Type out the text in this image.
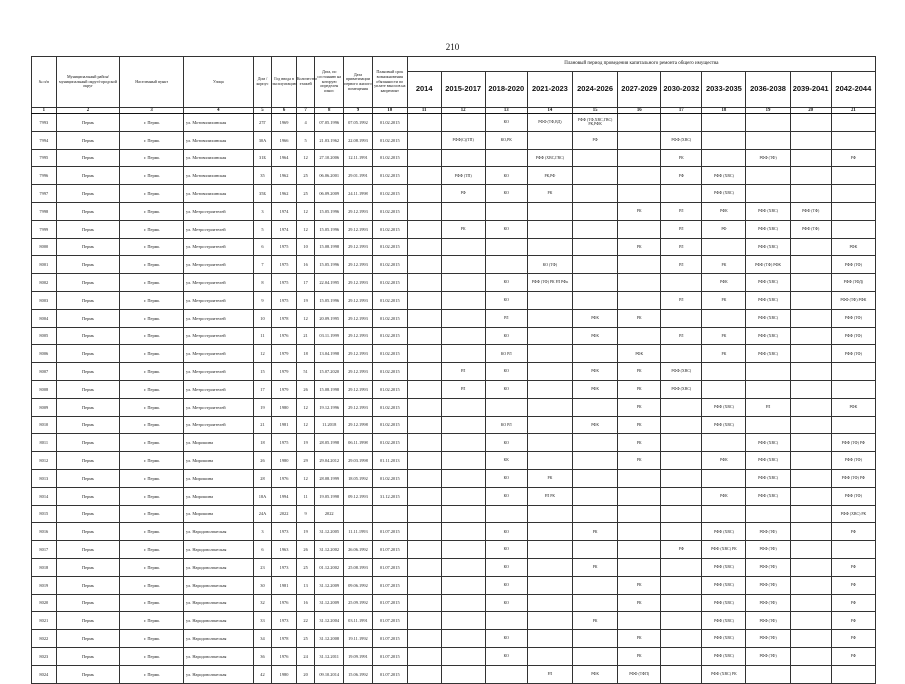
210
№ п/п	Муниципальный район/муниципальный округ/городской округ	Населенный пункт	Улица	Дом / корпус	Год ввода в эксплуатацию	Количество этажей	Дата, по состоянию на которую определен износ	Дата приватизации первого жилого помещения	Плановый срок возникновения обязанности по уплате взносов на капремонт	Плановый период проведения капитального ремонта общего имущества										
										2014	2015-2017	2018-2020	2021-2023	2024-2026	2027-2029	2030-2032	2033-2035	2036-2038	2039-2041	2042-2044
1	2	3	4	5	6	7	8	9	10	11	12	13	14	15	16	17	18	19	20	21
7993	Пермь	г. Пермь	ул. Мотовилихинская	27Г	1969	4	07.05.1996	07.05.1992	01.02.2015			КО	РФФ (ТФ,ВД)	РФФ (ТФ,ХВС,ГВС) РК,РФК						
7994	Пермь	г. Пермь	ул. Мотовилихинская	30А	1966	5	21.03.1962	22.08.1993	01.02.2015		РФФ(С)(ТП)	КО,РК		РФ		РФФ (ХВС)				
7995	Пермь	г. Пермь	ул. Мотовилихинская	31Б	1964	12	27.10.2006	12.11.1991	01.02.2015				РФФ (ХВС,ГВС)			РК		РФФ (ТФ)		РФ
7996	Пермь	г. Пермь	ул. Мотовилихинская	35	1962	25	06.06.2001	29.01.1991	01.02.2015		РФФ (ТП)	КО	РК,РФ			РФ	РФФ (ХВС)			
7997	Пермь	г. Пермь	ул. Мотовилихинская	35Б	1962	25	06.09.2009	24.11.1998	01.02.2015		РФ	КО	РК				РФФ (ХВС)			
7998	Пермь	г. Пермь	ул. Метростроителей	3	1974	12	15.05.1996	29.12.1993	01.02.2015						РК	РЛ	РФК	РФФ (ХВС)	РФФ (ТФ)	
7999	Пермь	г. Пермь	ул. Метростроителей	5	1974	12	15.05.1996	29.12.1993	01.02.2015		РК	КО				РЛ	РФ	РФФ (ХВС)	РФФ (ТФ)	
8000	Пермь	г. Пермь	ул. Метростроителей	6	1975	10	15.08.1998	29.12.1993	01.02.2015						РК	РЛ		РФФ (ХВС)		РФК
8001	Пермь	г. Пермь	ул. Метростроителей	7	1975	16	15.05.1996	29.12.1993	01.02.2015				КО (ТФ)			РЛ	РК	РФФ (ТФ) РФК		РФФ (ТФ)
8002	Пермь	г. Пермь	ул. Метростроителей	8	1975	17	22.04.1995	29.12.1993	01.02.2015			КО	РФФ (ТФ) РК РЛ РФк				РФК	РФФ (ХВС)		РФФ (ТФД)
8003	Пермь	г. Пермь	ул. Метростроителей	9	1975	19	15.05.1996	29.12.1993	01.02.2015			КО				РЛ	РК	РФФ (ХВС)		РФФ (ТФ) РФК
8004	Пермь	г. Пермь	ул. Метростроителей	10	1978	12	20.09.1995	29.12.1993	01.02.2015			РЛ		РФК	РК			РФФ (ХВС)		РФФ (ТФ)
8005	Пермь	г. Пермь	ул. Метростроителей	11	1976	21	03.11.1999	29.12.1993	01.02.2015			КО		РФК		РЛ	РК	РФФ (ХВС)		РФФ (ТФ)
8006	Пермь	г. Пермь	ул. Метростроителей	12	1979	18	13.04.1998	29.12.1993	01.02.2015			КО РЛ			РФК		РК	РФФ (ХВС)		РФФ (ТФ)
8007	Пермь	г. Пермь	ул. Метростроителей	15	1979	51	15.07.2020	29.12.1993	01.02.2015		РЛ	КО		РФК	РК	РФФ (ХВС)				
8008	Пермь	г. Пермь	ул. Метростроителей	17	1979	26	15.08.1998	29.12.1993	01.02.2015		РЛ	КО		РФК	РК	РФФ (ХВС)				
8009	Пермь	г. Пермь	ул. Метростроителей	19	1980	12	19.12.1996	29.12.1993	01.02.2015						РК		РФФ (ХВС)	РЛ		РФК
8010	Пермь	г. Пермь	ул. Метростроителей	21	1981	12	11.2018	29.12.1998	01.02.2015			КО РЛ		РФК	РК		РФФ (ХВС)			
8011	Пермь	г. Пермь	ул. Мирошина	18	1975	19	28.05.1998	06.11.1998	01.02.2015			КО			РК			РФФ (ХВС)		РФФ (ТФ) РФ
8012	Пермь	г. Пермь	ул. Мирошина	26	1980	29	29.04.2012	29.03.1998	01.11.2013			КК			РК		РФК	РФФ (ХВС)		РФФ (ТФ)
8013	Пермь	г. Пермь	ул. Мирошина	28	1976	12	28.08.1999	18.05.1992	01.02.2015			КО	РК					РФФ (ХВС)		РФФ (ТФ) РФ
8014	Пермь	г. Пермь	ул. Мирошина	18А	1994	11	19.05.1998	09.12.1993	31.12.2015			КО	РЛ РК				РФК	РФФ (ХВС)		РФФ (ТФ)
8015	Пермь	г. Пермь	ул. Мирошина	24А	2022	9	2022													РФФ (ХВС) РК
8016	Пермь	г. Пермь	ул. Народовольческая	3	1973	19	31.12.2005	11.11.1993	01.07.2015			КО		РК			РФФ (ХВС)	РФФ (ТФ)		РФ
8017	Пермь	г. Пермь	ул. Народовольческая	6	1963	26	31.12.2002	26.06.1992	01.07.2015			КО				РФ	РФФ (ХВС) РК	РФФ (ТФ)		
8018	Пермь	г. Пермь	ул. Народовольческая	23	1973	25	01.12.2002	25.08.1993	01.07.2015			КО		РК			РФФ (ХВС)	РФФ (ТФ)		РФ
8019	Пермь	г. Пермь	ул. Народовольческая	30	1981	13	31.12.2009	09.06.1992	01.07.2015			КО			РК		РФФ (ХВС)	РФФ (ТФ)		РФ
8020	Пермь	г. Пермь	ул. Народовольческая	32	1976	16	31.12.2009	25.09.1992	01.07.2015			КО			РК		РФФ (ХВС)	РФФ (ТФ)		РФ
8021	Пермь	г. Пермь	ул. Народовольческая	33	1973	22	31.12.2004	03.11.1991	01.07.2015					РК			РФФ (ХВС)	РФФ (ТФ)		РФ
8022	Пермь	г. Пермь	ул. Народовольческая	34	1978	25	31.12.2008	19.11.1992	01.07.2015			КО			РК		РФФ (ХВС)	РФФ (ТФ)		РФ
8023	Пермь	г. Пермь	ул. Народовольческая	36	1976	24	31.12.2011	19.09.1991	01.07.2015			КО			РК		РФФ (ХВС)	РФФ (ТФ)		РФ
8024	Пермь	г. Пермь	ул. Народовольческая	42	1980	20	09.10.2014	15.06.1992	01.07.2015				РЛ	РФК	РФФ (ТФП)		РФФ (ХВС) РК			
